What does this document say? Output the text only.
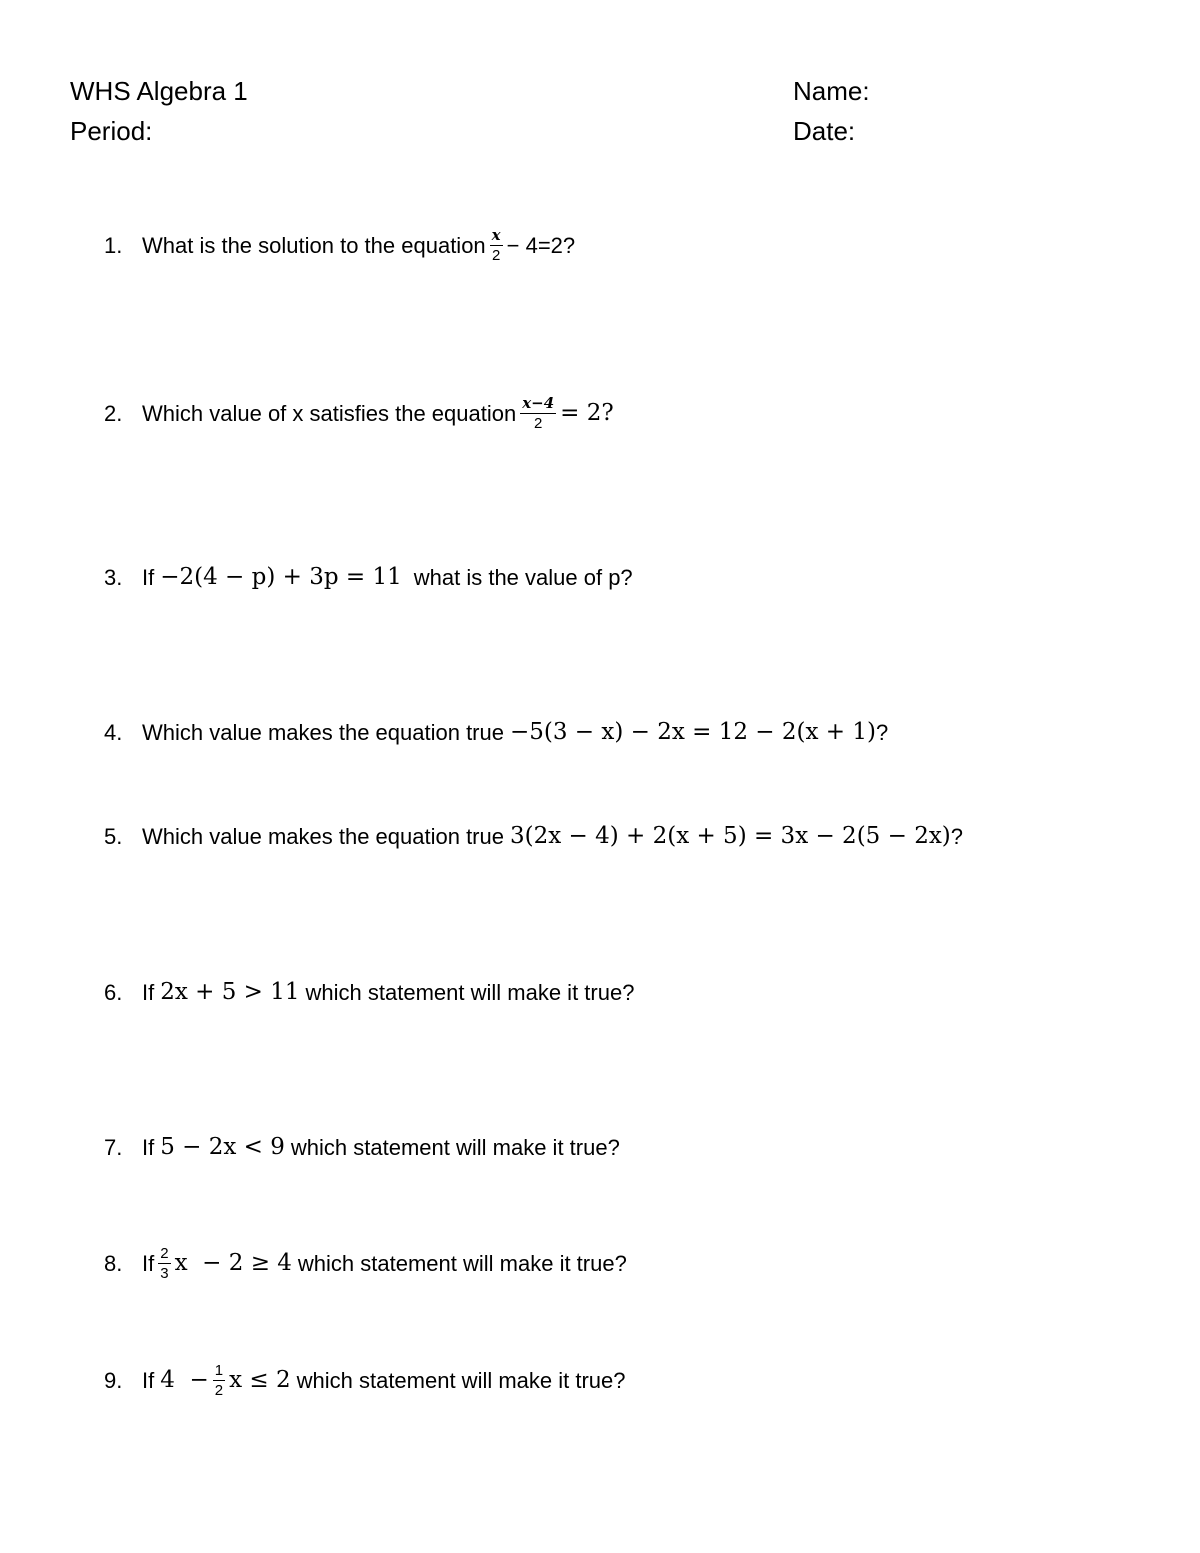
WHS Algebra 1
Period:
Name:
Date:
1. What is the solution to the equation $\frac{x}{2} - 4=2$?
2. Which value of x satisfies the equation $\frac{x-4}{2} = 2$?
3. If −2(4 − p) + 3p = 11 what is the value of p?
4. Which value makes the equation true −5(3 − x) − 2x = 12 − 2(x + 1) ?
5. Which value makes the equation true 3(2x − 4) + 2(x + 5) = 3x − 2(5 − 2x) ?
6. If 2x + 5 > 11 which statement will make it true?
7. If 5 − 2x < 9 which statement will make it true?
8. If $\frac{2}{3}$ x  − 2 ≥ 4 which statement will make it true?
9. If $4 - \frac{1}{2}$ x ≤ 2 which statement will make it true?
